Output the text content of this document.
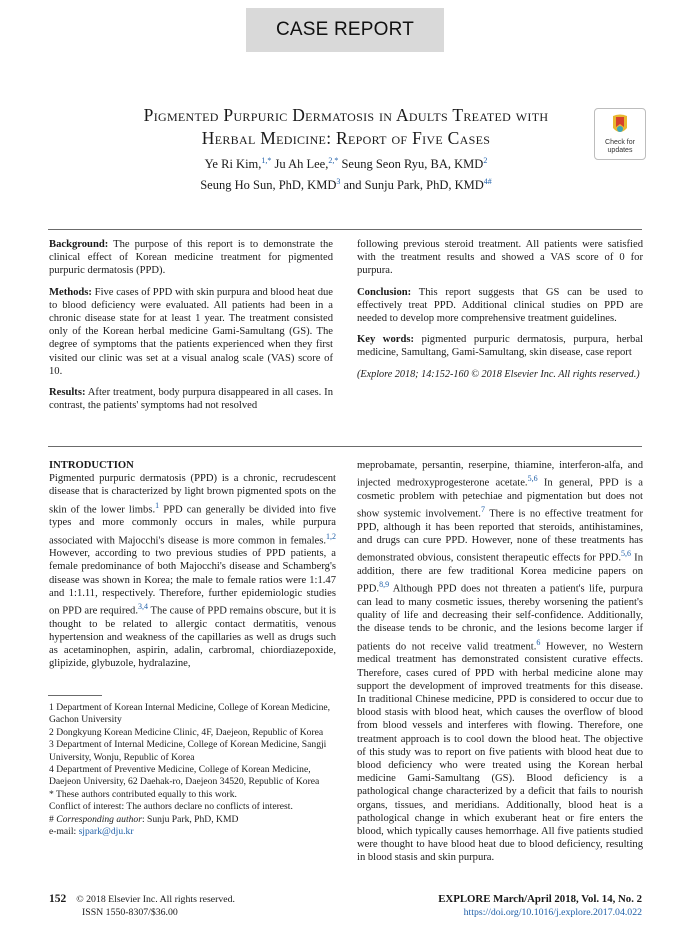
CASE REPORT
Pigmented Purpuric Dermatosis in Adults Treated with
Herbal Medicine: Report of Five Cases
Ye Ri Kim,$^{1,*}$ Ju Ah Lee,$^{2,*}$ Seung Seon Ryu, BA, KMD$^2$
Seung Ho Sun, PhD, KMD$^3$ and Sunju Park, PhD, $KMD^{4\#}$
Check for
updates

Background: The purpose of this report is to demonstrate the clinical effect of Korean medicine treatment for pigmented purpuric dermatosis (PPD).

Methods: Five cases of PPD with skin purpura and blood heat due to blood deficiency were evaluated. All patients had been in a chronic disease state for at least 1 year. The treatment consisted only of the Korean herbal medicine Gami-Samultang (GS). The degree of symptoms that the patients experienced when they first visited our clinic was set at a visual analog scale (VAS) score of 10.

Results: After treatment, body purpura disappeared in all cases. In contrast, the patients' symptoms had not resolved

following previous steroid treatment. All patients were satisfied with the treatment results and showed a VAS score of 0 for purpura.

Conclusion: This report suggests that GS can be used to effectively treat PPD. Additional clinical studies on PPD are needed to develop more comprehensive treatment guidelines.

Key words: pigmented purpuric dermatosis, purpura, herbal medicine, Samultang, Gami-Samultang, skin disease, case report

(Explore 2018; 14:152-160 © 2018 Elsevier Inc. All rights reserved.)

INTRODUCTION

Pigmented purpuric dermatosis (PPD) is a chronic, recrudescent disease that is characterized by light brown pigmented spots on the skin of the lower limbs.$^1$ PPD can generally be divided into five types and more commonly occurs in males, while purpura associated with Majocchi's disease is more common in females.$^{1,2}$ However, according to two previous studies of PPD patients, a female predominance of both Majocchi's disease and Schamberg's disease was shown in Korea; the male to female ratios were 1:1.47 and 1:1.11, respectively. Therefore, further epidemiologic studies on PPD are required.$^{3,4}$ The cause of PPD remains obscure, but it is thought to be related to allergic contact dermatitis, venous hypertension and weakness of the capillaries as well as drugs such as acetaminophen, aspirin, adalin, carbromal, chiordiazepoxide, glipizide, glybuzole, hydralazine,

1 Department of Korean Internal Medicine, College of Korean Medicine, Gachon University

2 Dongkyung Korean Medicine Clinic, 4F, Daejeon, Republic of Korea

3 Department of Internal Medicine, College of Korean Medicine, Sangji University, Wonju, Republic of Korea

4 Department of Preventive Medicine, College of Korean Medicine, Daejeon University, 62 Daehak-ro, Daejeon 34520, Republic of Korea

* These authors contributed equally to this work.

Conflict of interest: The authors declare no conflicts of interest.

# Corresponding author: Sunju Park, PhD, KMD

e-mail: sjpark@dju.kr

meprobamate, persantin, reserpine, thiamine, interferon-alfa, and injected medroxyprogesterone acetate.$^{5,6}$ In general, PPD is a cosmetic problem with petechiae and pigmentation but does not show systemic involvement.$^7$ There is no effective treatment for PPD, although it has been reported that steroids, antihistamines, and drugs can cure PPD. However, none of these treatments has demonstrated obvious, consistent therapeutic effects for PPD.$^{5,6}$ In addition, there are few traditional Korea medicine papers on PPD.$^{8,9}$ Although PPD does not threaten a patient's life, purpura can lead to many cosmetic issues, thereby worsening the patient's quality of life and decreasing their self-confidence. Additionally, the disease tends to be chronic, and the lesions become larger if patients do not receive valid treatment.$^6$ However, no Western medical treatment has demonstrated consistent curative effects. Therefore, cases cured of PPD with herbal medicine alone may support the development of improved treatments for this disease. In traditional Chinese medicine, PPD is considered to occur due to blood stasis with blood heat, which causes the overflow of blood from blood vessels and interferes with flowing. Therefore, one treatment approach is to cool down the blood heat. The objective of this study was to report on five patients with blood heat due to blood deficiency who were treated using the Korean herbal medicine Gami-Samultang (GS). Blood deficiency is a pathological change characterized by a deficit that fails to nourish organs, tissues, and meridians. Additionally, blood heat is a pathological change in which exuberant heat or fire enters the blood, which typically causes hemorrhage. All five patients studied were thought to have blood heat due to blood deficiency, resulting in blood stasis and skin purpura.

152 © 2018 Elsevier Inc. All rights reserved.
ISSN 1550-8307/$36.00
EXPLORE March/April 2018, Vol. 14, No. 2
https://doi.org/10.1016/j.explore.2017.04.022
